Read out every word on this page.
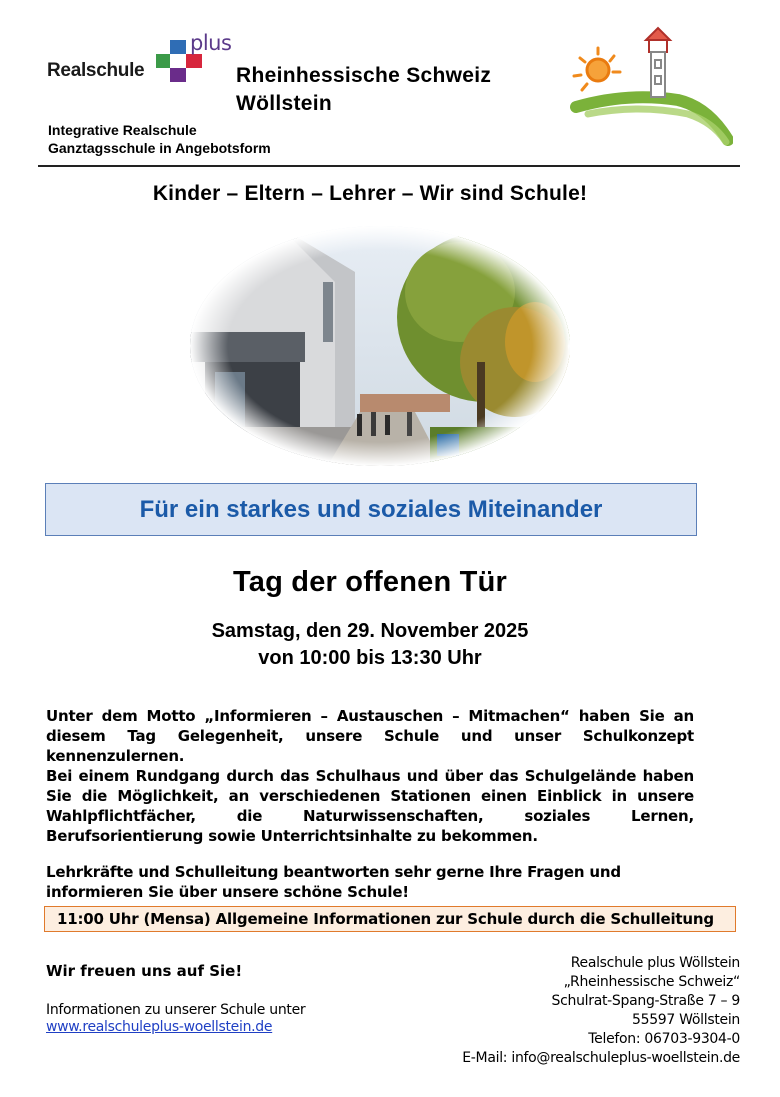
plus
Realschule	Rheinhessische Schweiz
Wöllstein
Integrative Realschule
Ganztagsschule in Angebotsform
Kinder – Eltern – Lehrer – Wir sind Schule!
Für ein starkes und soziales Miteinander
Tag der offenen Tür
Samstag, den 29. November 2025
von 10:00 bis 13:30 Uhr
Unter dem Motto „Informieren – Austauschen – Mitmachen“ haben Sie an diesem Tag Gelegenheit, unsere Schule und unser Schulkonzept kennenzulernen.
Bei einem Rundgang durch das Schulhaus und über das Schulgelände haben Sie die Möglichkeit, an verschiedenen Stationen einen Einblick in unsere Wahlpflichtfächer, die Naturwissenschaften, soziales Lernen, Berufsorientierung sowie Unterrichtsinhalte zu bekommen.
Lehrkräfte und Schulleitung beantworten sehr gerne Ihre Fragen und informieren Sie über unsere schöne Schule!
11:00 Uhr (Mensa) Allgemeine Informationen zur Schule durch die Schulleitung
Wir freuen uns auf Sie!
Informationen zu unserer Schule unter
www.realschuleplus-woellstein.de
Realschule plus Wöllstein
„Rheinhessische Schweiz“
Schulrat-Spang-Straße 7 – 9
55597 Wöllstein
Telefon: 06703-9304-0
E-Mail: info@realschuleplus-woellstein.de
